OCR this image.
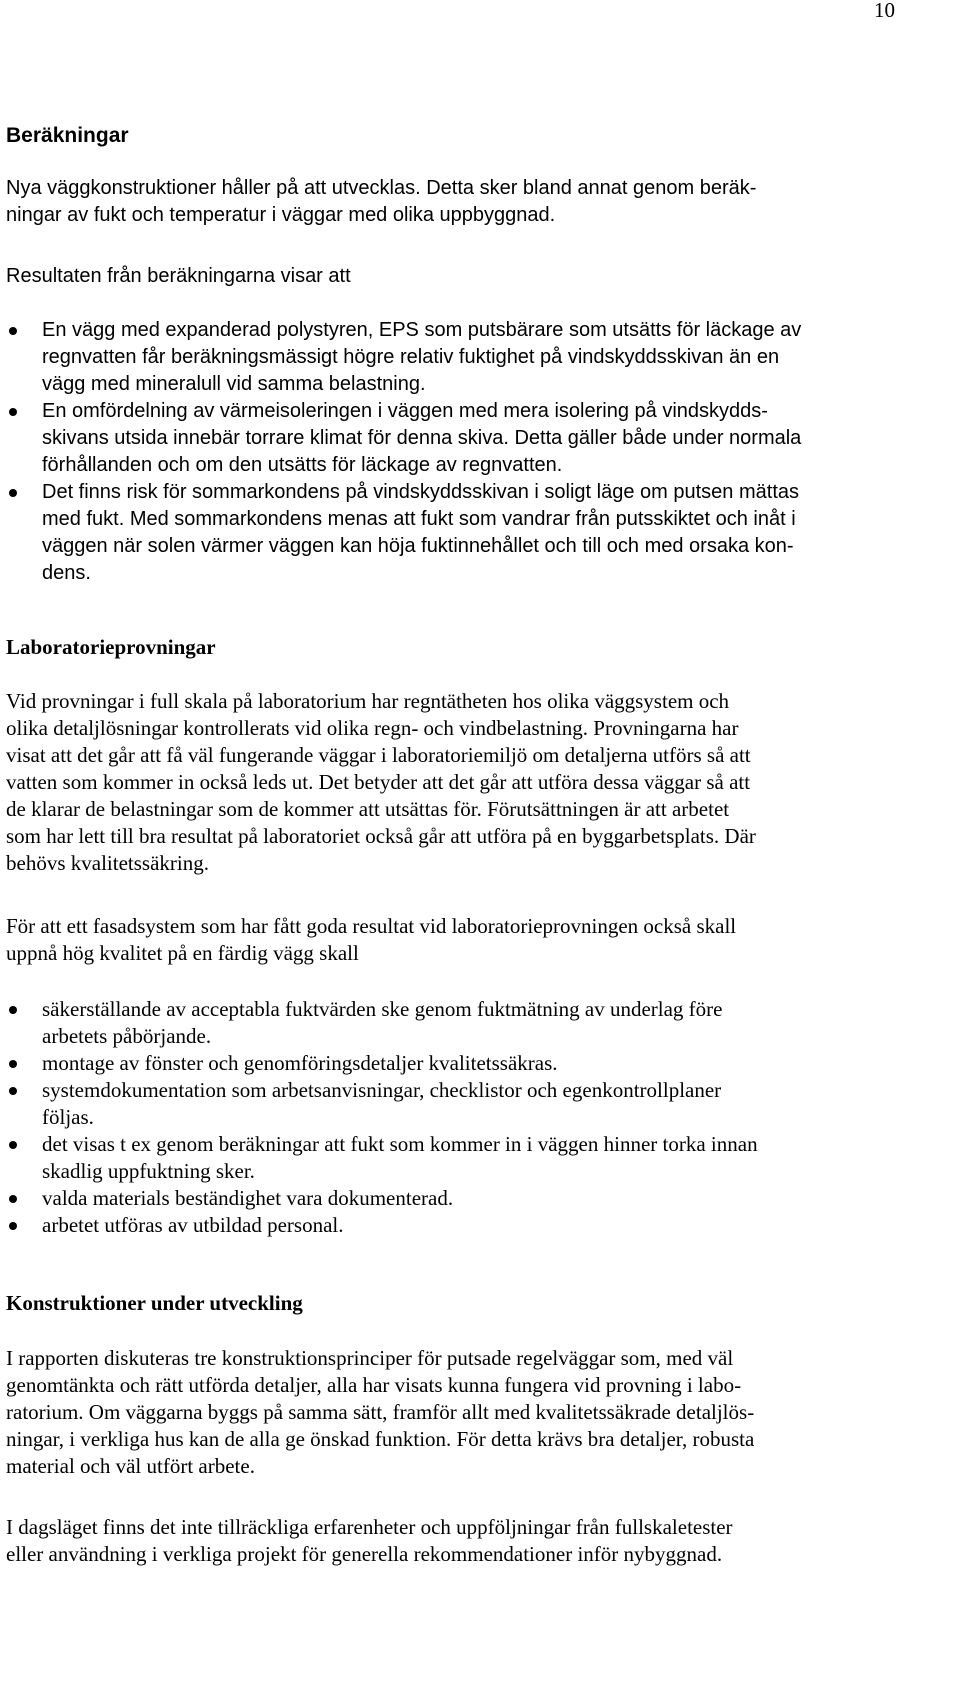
10
Beräkningar
Nya väggkonstruktioner håller på att utvecklas. Detta sker bland annat genom beräk-
ningar av fukt och temperatur i väggar med olika uppbyggnad.
Resultaten från beräkningarna visar att
En vägg med expanderad polystyren, EPS som putsbärare som utsätts för läckage av
regnvatten får beräkningsmässigt högre relativ fuktighet på vindskyddsskivan än en
vägg med mineralull vid samma belastning.
En omfördelning av värmeisoleringen i väggen med mera isolering på vindskydds-
skivans utsida innebär torrare klimat för denna skiva. Detta gäller både under normala
förhållanden och om den utsätts för läckage av regnvatten.
Det finns risk för sommarkondens på vindskyddsskivan i soligt läge om putsen mättas
med fukt. Med sommarkondens menas att fukt som vandrar från putsskiktet och inåt i
väggen när solen värmer väggen kan höja fuktinnehållet och till och med orsaka kon-
dens.
Laboratorieprovningar
Vid provningar i full skala på laboratorium har regntätheten hos olika väggsystem och
olika detaljlösningar kontrollerats vid olika regn- och vindbelastning. Provningarna har
visat att det går att få väl fungerande väggar i laboratoriemiljö om detaljerna utförs så att
vatten som kommer in också leds ut. Det betyder att det går att utföra dessa väggar så att
de klarar de belastningar som de kommer att utsättas för. Förutsättningen är att arbetet
som har lett till bra resultat på laboratoriet också går att utföra på en byggarbetsplats. Där
behövs kvalitetssäkring.
För att ett fasadsystem som har fått goda resultat vid laboratorieprovningen också skall
uppnå hög kvalitet på en färdig vägg skall
säkerställande av acceptabla fuktvärden ske genom fuktmätning av underlag före
arbetets påbörjande.
montage av fönster och genomföringsdetaljer kvalitetssäkras.
systemdokumentation som arbetsanvisningar, checklistor och egenkontrollplaner
följas.
det visas t ex genom beräkningar att fukt som kommer in i väggen hinner torka innan
skadlig uppfuktning sker.
valda materials beständighet vara dokumenterad.
arbetet utföras av utbildad personal.
Konstruktioner under utveckling
I rapporten diskuteras tre konstruktionsprinciper för putsade regelväggar som, med väl
genomtänkta och rätt utförda detaljer, alla har visats kunna fungera vid provning i labo-
ratorium. Om väggarna byggs på samma sätt, framför allt med kvalitetssäkrade detaljlös-
ningar, i verkliga hus kan de alla ge önskad funktion. För detta krävs bra detaljer, robusta
material och väl utfört arbete.
I dagsläget finns det inte tillräckliga erfarenheter och uppföljningar från fullskaletester
eller användning i verkliga projekt för generella rekommendationer inför nybyggnad.
